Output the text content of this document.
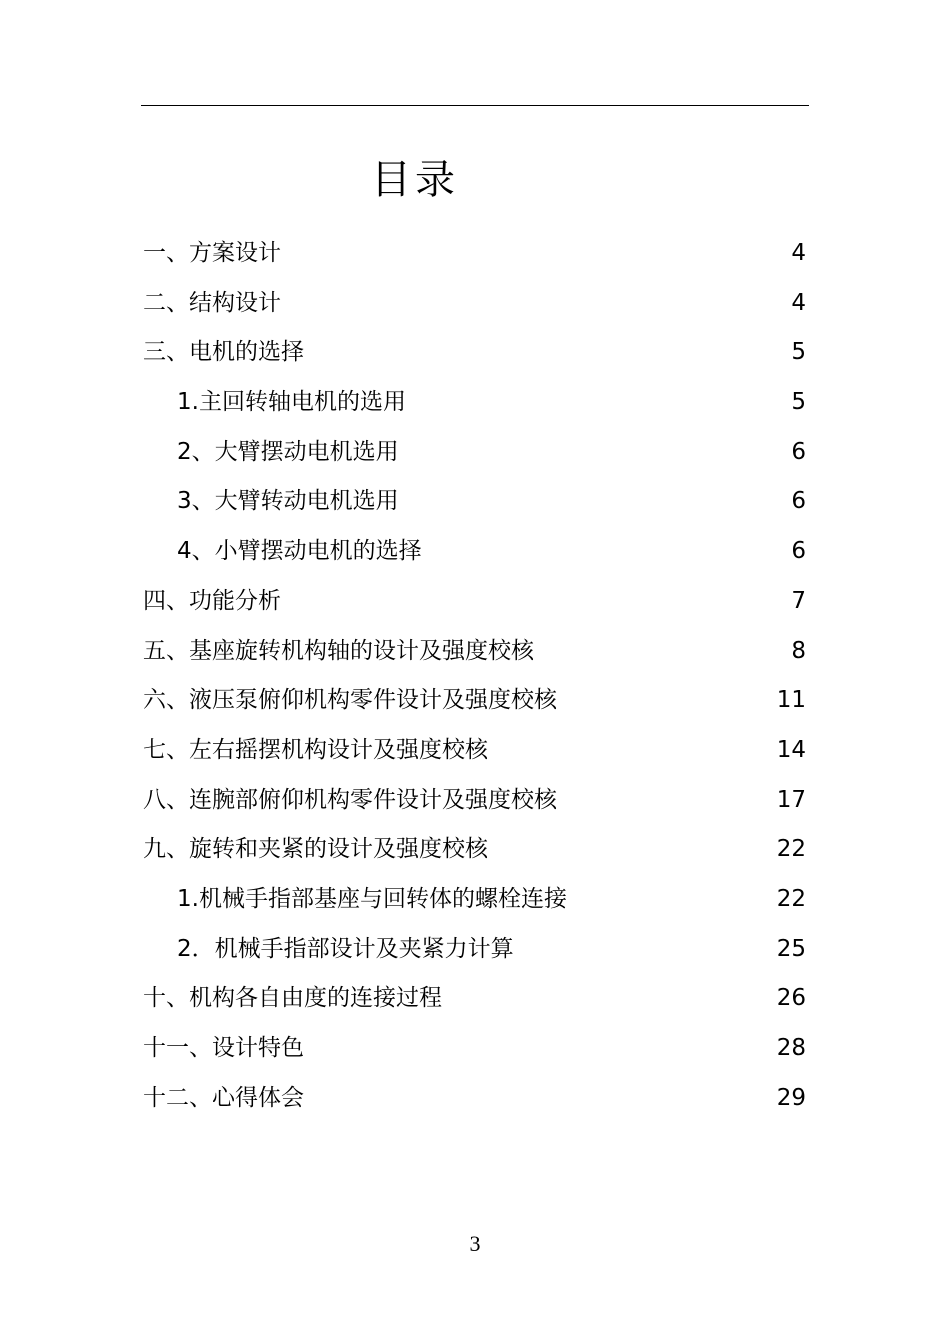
目录
一、方案设计 .....	4
二、结构设计 .....	4
三、电机的选择 .....	5
1.主回转轴电机的选用 .....	5
2、大臂摆动电机选用 .....	6
3、大臂转动电机选用 .....	6
4、小臂摆动电机的选择 .....	6
四、功能分析 .....	7
五、基座旋转机构轴的设计及强度校核 .....	8
六、液压泵俯仰机构零件设计及强度校核 .....	11
七、左右摇摆机构设计及强度校核 .....	14
八、连腕部俯仰机构零件设计及强度校核 .....	17
九、旋转和夹紧的设计及强度校核 .....	22
1.机械手指部基座与回转体的螺栓连接 .....	22
2．机械手指部设计及夹紧力计算 .....	25
十、机构各自由度的连接过程 .....	26
十一、设计特色 .....	28
十二、心得体会 .....	29
3
